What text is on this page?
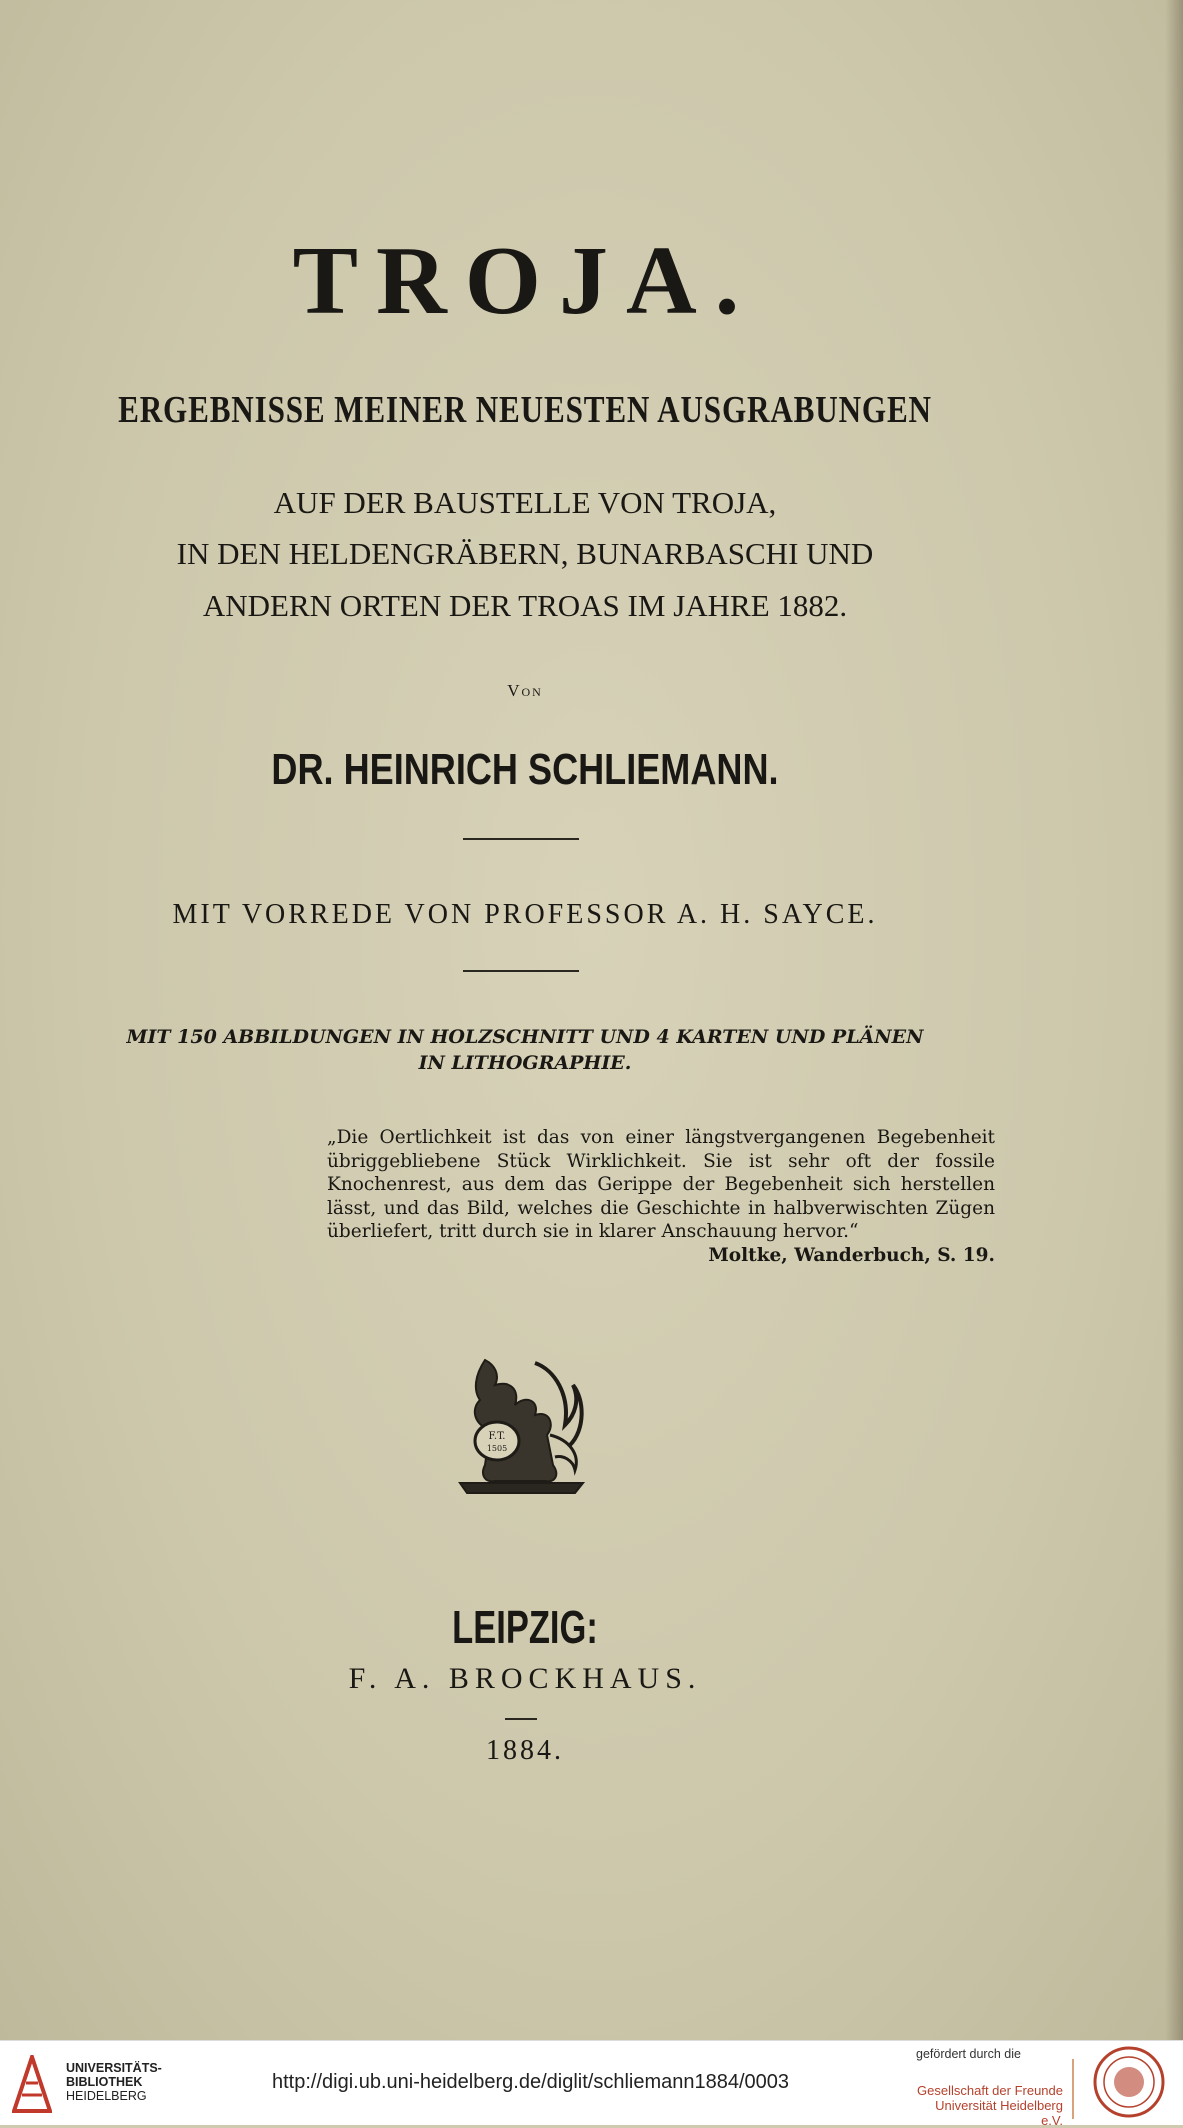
TROJA.
ERGEBNISSE MEINER NEUESTEN AUSGRABUNGEN
AUF DER BAUSTELLE VON TROJA,
IN DEN HELDENGRÄBERN, BUNARBASCHI UND
ANDERN ORTEN DER TROAS IM JAHRE 1882.
Von
DR. HEINRICH SCHLIEMANN.
MIT VORREDE VON PROFESSOR A. H. SAYCE.
MIT 150 ABBILDUNGEN IN HOLZSCHNITT UND 4 KARTEN UND PLÄNEN
IN LITHOGRAPHIE.
„Die Oertlichkeit ist das von einer längstvergangenen Begebenheit übriggebliebene Stück Wirklichkeit. Sie ist sehr oft der fossile Knochenrest, aus dem das Gerippe der Begebenheit sich herstellen lässt, und das Bild, welches die Geschichte in halbverwischten Zügen überliefert, tritt durch sie in klarer Anschauung hervor.“
Moltke, Wanderbuch, S. 19.
F.T.
1505
LEIPZIG:
F. A. BROCKHAUS.
1884.
UNIVERSITÄTS-
BIBLIOTHEK
HEIDELBERG
http://digi.ub.uni-heidelberg.de/diglit/schliemann1884/0003
gefördert durch die
Gesellschaft der Freunde
Universität Heidelberg e.V.
